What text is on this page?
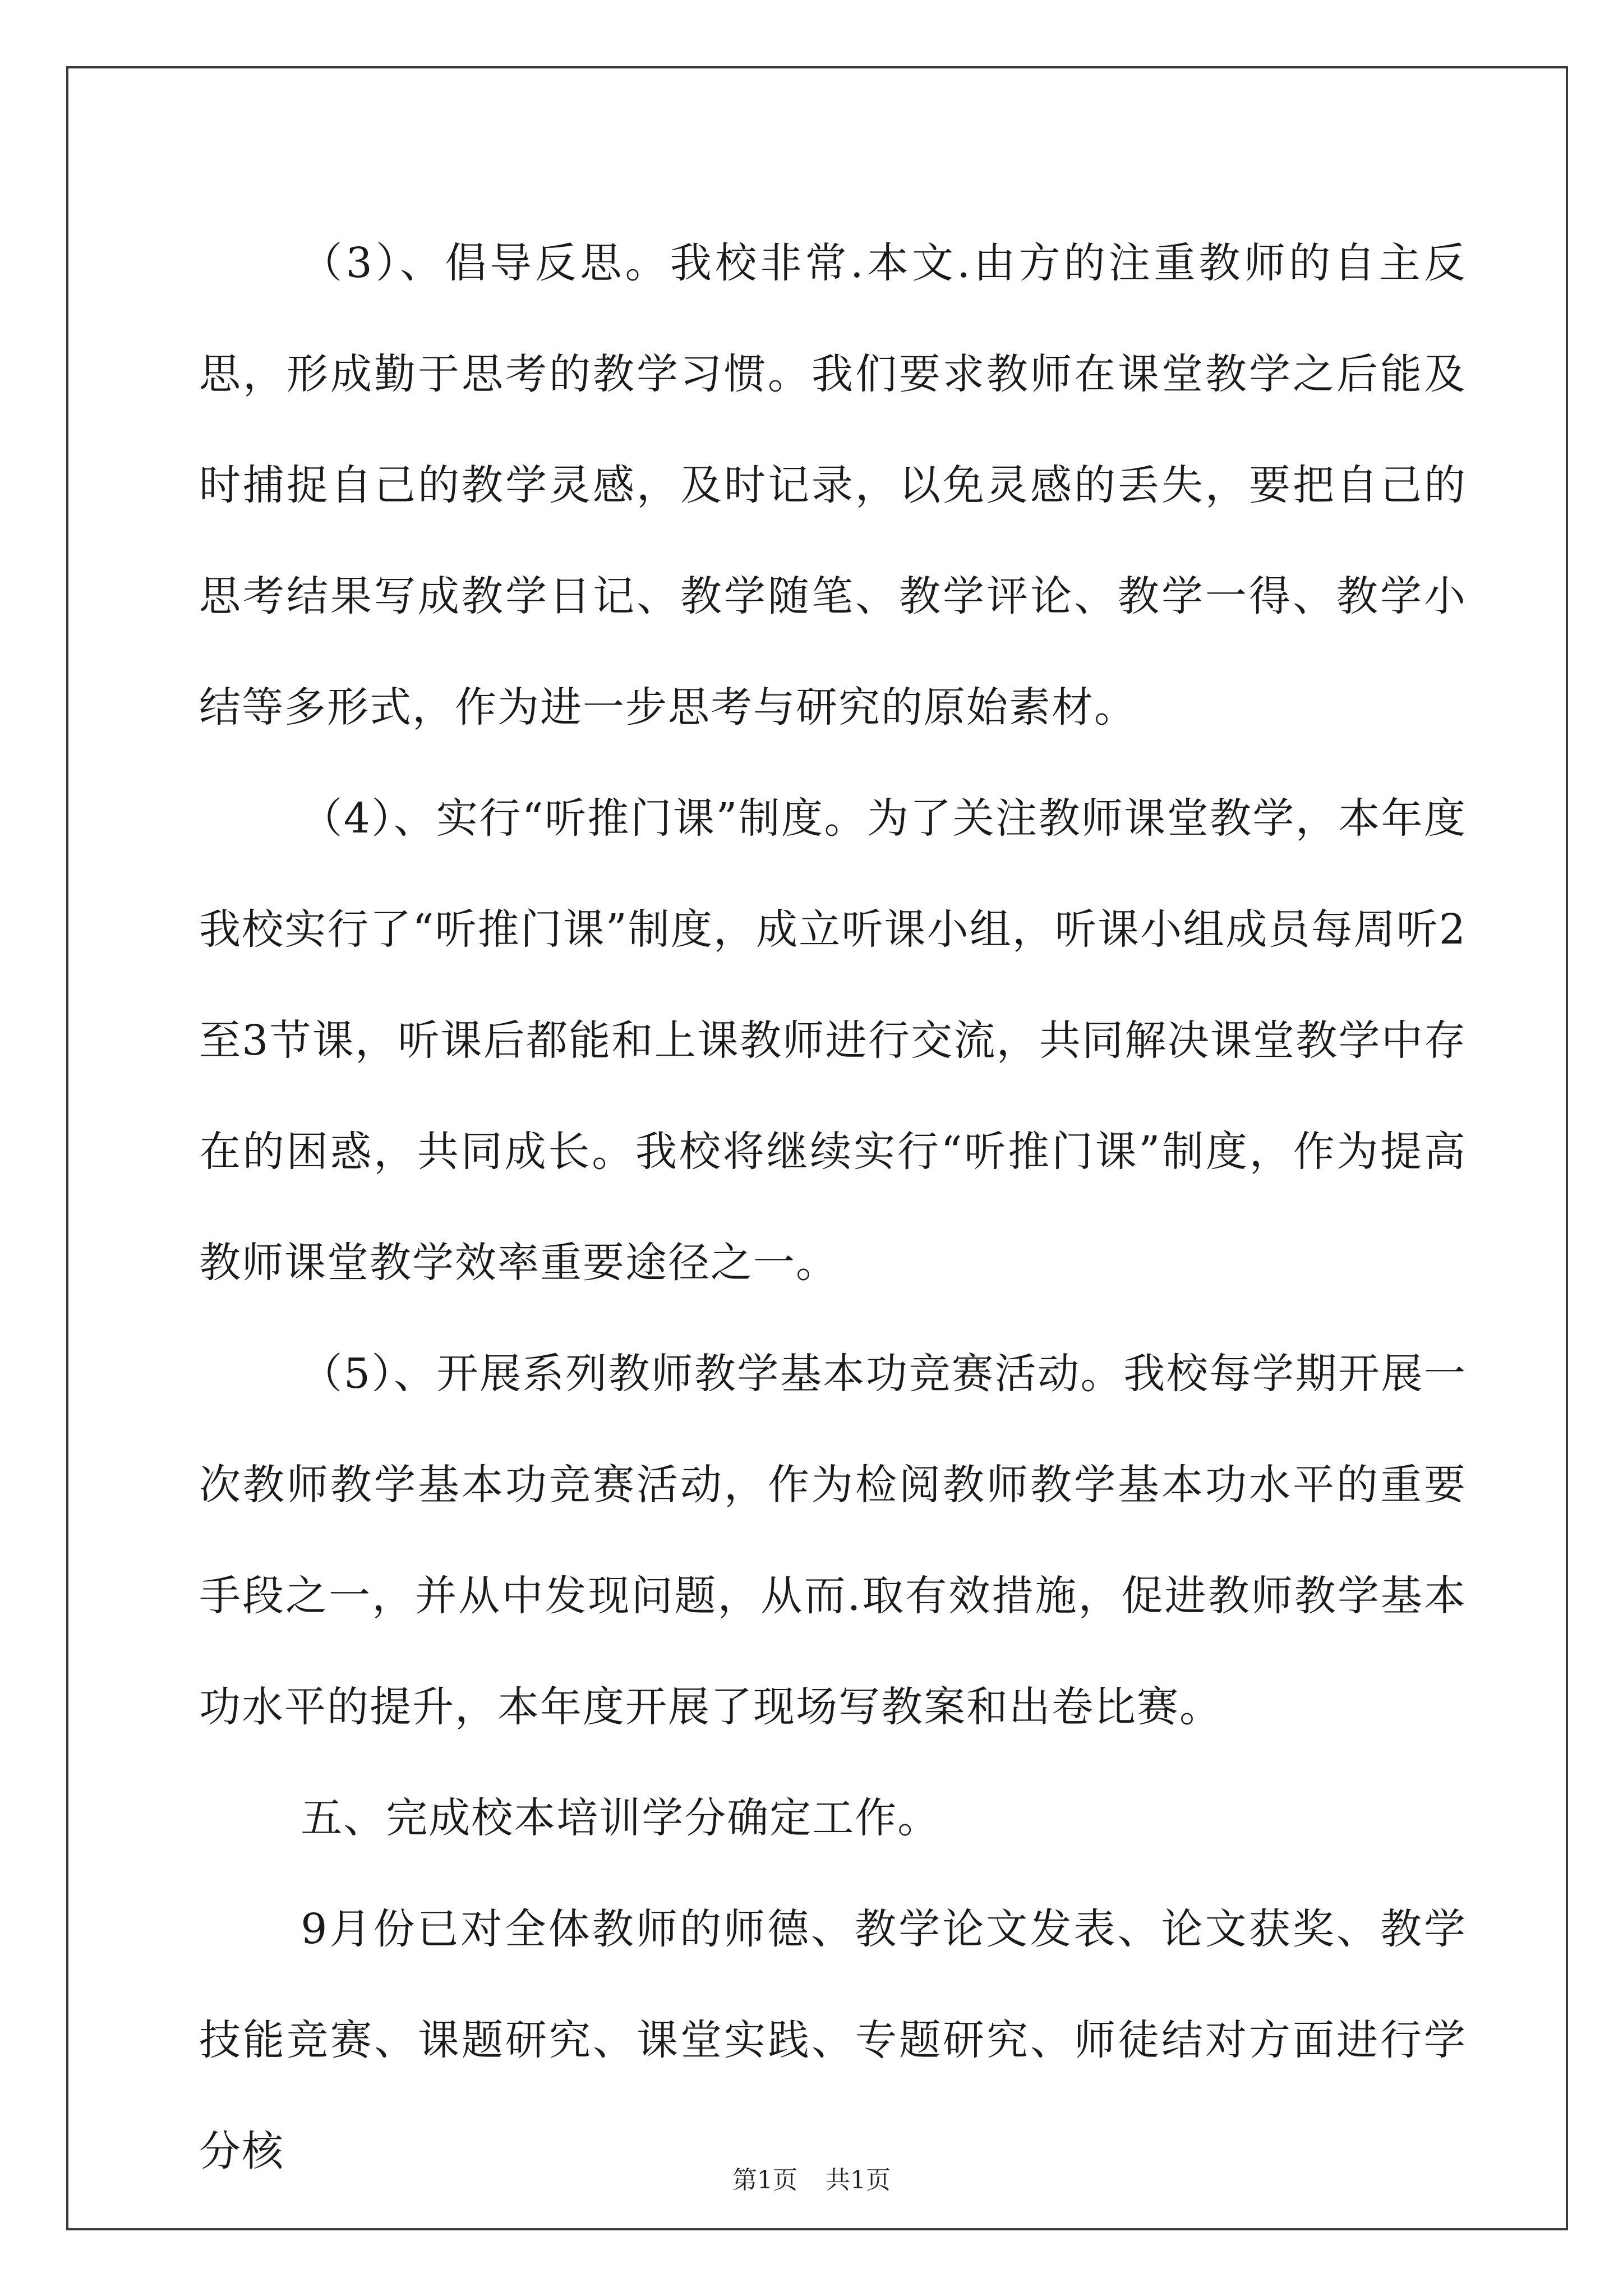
（3）、倡导反思。我校非常.本文.由方的注重教师的自主反思，形成勤于思考的教学习惯。我们要求教师在课堂教学之后能及时捕捉自己的教学灵感，及时记录，以免灵感的丢失，要把自己的思考结果写成教学日记、教学随笔、教学评论、教学一得、教学小结等多形式，作为进一步思考与研究的原始素材。

（4）、实行“听推门课”制度。为了关注教师课堂教学，本年度我校实行了“听推门课”制度，成立听课小组，听课小组成员每周听2至3节课，听课后都能和上课教师进行交流，共同解决课堂教学中存在的困惑，共同成长。我校将继续实行“听推门课”制度，作为提高教师课堂教学效率重要途径之一。

（5）、开展系列教师教学基本功竞赛活动。我校每学期开展一次教师教学基本功竞赛活动，作为检阅教师教学基本功水平的重要手段之一，并从中发现问题，从而.取有效措施，促进教师教学基本功水平的提升，本年度开展了现场写教案和出卷比赛。

五、完成校本培训学分确定工作。

9月份已对全体教师的师德、教学论文发表、论文获奖、教学技能竞赛、课题研究、课堂实践、专题研究、师徒结对方面进行学分核

第1页 共1页
